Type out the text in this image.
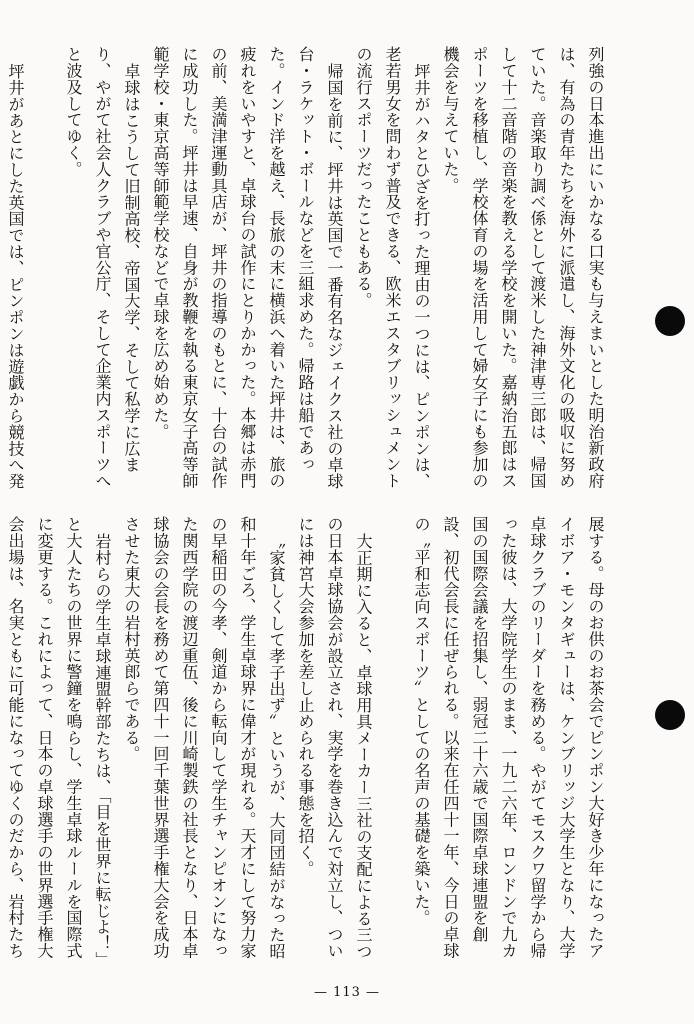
列強の日本進出にいかなる口実も与えまいとした明治新政府
は、有為の青年たちを海外に派遣し、海外文化の吸収に努め
ていた。音楽取り調べ係として渡米した神津専三郎は、帰国
して十二音階の音楽を教える学校を開いた。嘉納治五郎はス
ポーツを移植し、学校体育の場を活用して婦女子にも参加の
機会を与えていた。
坪井がハタとひざを打った理由の一つには、ピンポンは、
老若男女を問わず普及できる、欧米エスタブリッシュメント
の流行スポーツだったこともある。
帰国を前に、坪井は英国で一番有名なジェイクス社の卓球
台・ラケット・ボールなどを三組求めた。帰路は船であっ
た。インド洋を越え、長旅の末に横浜へ着いた坪井は、旅の
疲れをいやすと、卓球台の試作にとりかかった。本郷は赤門
の前、美満津運動具店が、坪井の指導のもとに、十台の試作
に成功した。坪井は早速、自身が教鞭を執る東京女子高等師
範学校・東京高等師範学校などで卓球を広め始めた。
卓球はこうして旧制高校、帝国大学、そして私学に広ま
り、やがて社会人クラブや官公庁、そして企業内スポーツへ
と波及してゆく。
坪井があとにした英国では、ピンポンは遊戯から競技へ発
展する。母のお供のお茶会でピンポン大好き少年になったア
イボア・モンタギューは、ケンブリッジ大学生となり、大学
卓球クラブのリーダーを務める。やがてモスクワ留学から帰
った彼は、大学院学生のまま、一九二六年、ロンドンで九カ
国の国際会議を招集し、弱冠二十六歳で国際卓球連盟を創
設、初代会長に任ぜられる。以来在任四十一年、今日の卓球
の〝平和志向スポーツ〟としての名声の基礎を築いた。
大正期に入ると、卓球用具メーカー三社の支配による三つ
の日本卓球協会が設立され、実学を巻き込んで対立し、つい
には神宮大会参加を差し止められる事態を招く。
〝家貧しくして孝子出ず〟というが、大同団結がなった昭
和十年ごろ、学生卓球界に偉才が現れる。天才にして努力家
の早稲田の今孝、剣道から転向して学生チャンピオンになっ
た関西学院の渡辺重伍、後に川崎製鉄の社長となり、日本卓
球協会の会長を務めて第四十一回千葉世界選手権大会を成功
させた東大の岩村英郎らである。
岩村らの学生卓球連盟幹部たちは、「目を世界に転じよ！」
と大人たちの世界に警鐘を鳴らし、学生卓球ルールを国際式
に変更する。これによって、日本の卓球選手の世界選手権大
会出場は、名実ともに可能になってゆくのだから、岩村たち
— 113 —
